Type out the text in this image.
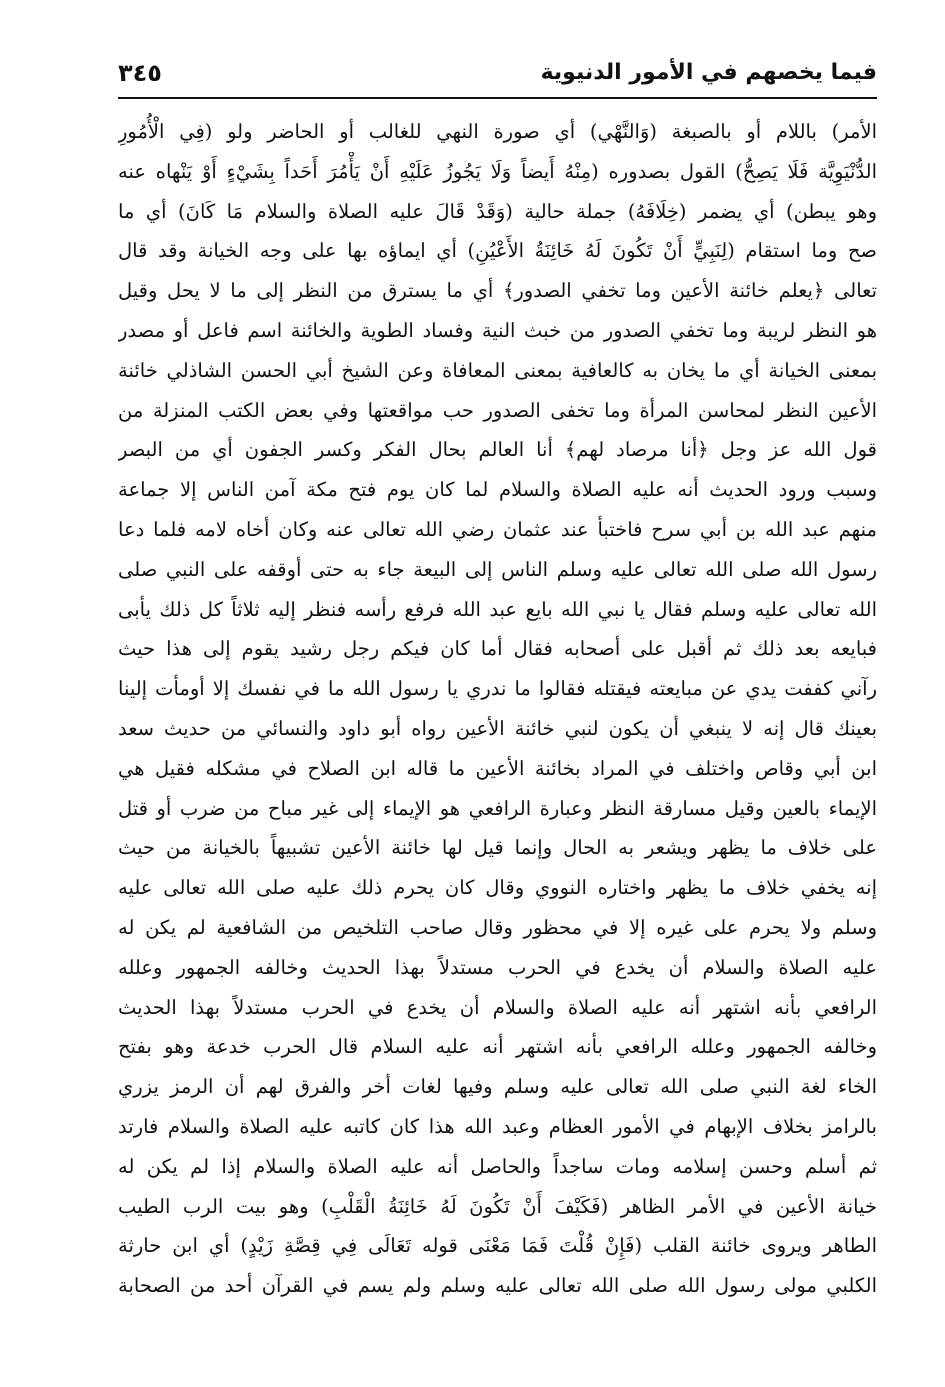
فيما يخصهم في الأمور الدنيوية
٣٤٥
الأمر) باللام أو بالصبغة (وَالنَّهْي) أي صورة النهي للغالب أو الحاضر ولو (فِي الْأُمُورِ
الدُّنْيَوِيَّة فَلَا يَصِحُّ) القول بصدوره (مِنْهُ أَيضاً وَلَا يَجُوزُ عَلَيْهِ أَنْ يَأْمُرَ أَحَداً بِشَيْءٍ أَوْ يَنْهاه عنه
وهو يبطن) أي يضمر (خِلَافَهُ) جملة حالية (وَقَدْ قَالَ عليه الصلاة والسلام مَا كَانَ) أي ما
صح وما استقام (لِنَبِيٍّ أَنْ تَكُونَ لَهُ خَائِنَةُ الأَعْيُنِ) أي ايماؤه بها على وجه الخيانة وقد قال
تعالى ﴿يعلم خائنة الأعين وما تخفي الصدور﴾ أي ما يسترق من النظر إلى ما لا يحل وقيل
هو النظر لريبة وما تخفي الصدور من خبث النية وفساد الطوية والخائنة اسم فاعل أو مصدر
بمعنى الخيانة أي ما يخان به كالعافية بمعنى المعافاة وعن الشيخ أبي الحسن الشاذلي خائنة
الأعين النظر لمحاسن المرأة وما تخفى الصدور حب مواقعتها وفي بعض الكتب المنزلة من
قول الله عز وجل ﴿أنا مرصاد لهم﴾ أنا العالم بحال الفكر وكسر الجفون أي من البصر
وسبب ورود الحديث أنه عليه الصلاة والسلام لما كان يوم فتح مكة آمن الناس إلا جماعة
منهم عبد الله بن أبي سرح فاختبأ عند عثمان رضي الله تعالى عنه وكان أخاه لامه فلما دعا
رسول الله صلى الله تعالى عليه وسلم الناس إلى البيعة جاء به حتى أوقفه على النبي صلى
الله تعالى عليه وسلم فقال يا نبي الله بايع عبد الله فرفع رأسه فنظر إليه ثلاثاً كل ذلك يأبى
فبايعه بعد ذلك ثم أقبل على أصحابه فقال أما كان فيكم رجل رشيد يقوم إلى هذا حيث
رآني كففت يدي عن مبايعته فيقتله فقالوا ما ندري يا رسول الله ما في نفسك إلا أومأت إلينا
بعينك قال إنه لا ينبغي أن يكون لنبي خائنة الأعين رواه أبو داود والنسائي من حديث سعد
ابن أبي وقاص واختلف في المراد بخائنة الأعين ما قاله ابن الصلاح في مشكله فقيل هي
الإيماء بالعين وقيل مسارقة النظر وعبارة الرافعي هو الإيماء إلى غير مباح من ضرب أو قتل
على خلاف ما يظهر ويشعر به الحال وإنما قيل لها خائنة الأعين تشبيهاً بالخيانة من حيث
إنه يخفي خلاف ما يظهر واختاره النووي وقال كان يحرم ذلك عليه صلى الله تعالى عليه
وسلم ولا يحرم على غيره إلا في محظور وقال صاحب التلخيص من الشافعية لم يكن له
عليه الصلاة والسلام أن يخدع في الحرب مستدلاً بهذا الحديث وخالفه الجمهور وعلله
الرافعي بأنه اشتهر أنه عليه الصلاة والسلام أن يخدع في الحرب مستدلاً بهذا الحديث
وخالفه الجمهور وعلله الرافعي بأنه اشتهر أنه عليه السلام قال الحرب خدعة وهو بفتح
الخاء لغة النبي صلى الله تعالى عليه وسلم وفيها لغات أخر والفرق لهم أن الرمز يزري
بالرامز بخلاف الإبهام في الأمور العظام وعبد الله هذا كان كاتبه عليه الصلاة والسلام فارتد
ثم أسلم وحسن إسلامه ومات ساجداً والحاصل أنه عليه الصلاة والسلام إذا لم يكن له
خيانة الأعين في الأمر الظاهر (فَكَيْفَ أَنْ تَكُونَ لَهُ خَائِنَةُ الْقَلْبِ) وهو بيت الرب الطيب
الطاهر ويروى خائنة القلب (فَإِنْ قُلْتَ فَمَا مَعْنَى قوله تَعَالَى فِي قِصَّةِ زَيْدٍ) أي ابن حارثة
الكلبي مولى رسول الله صلى الله تعالى عليه وسلم ولم يسم في القرآن أحد من الصحابة
